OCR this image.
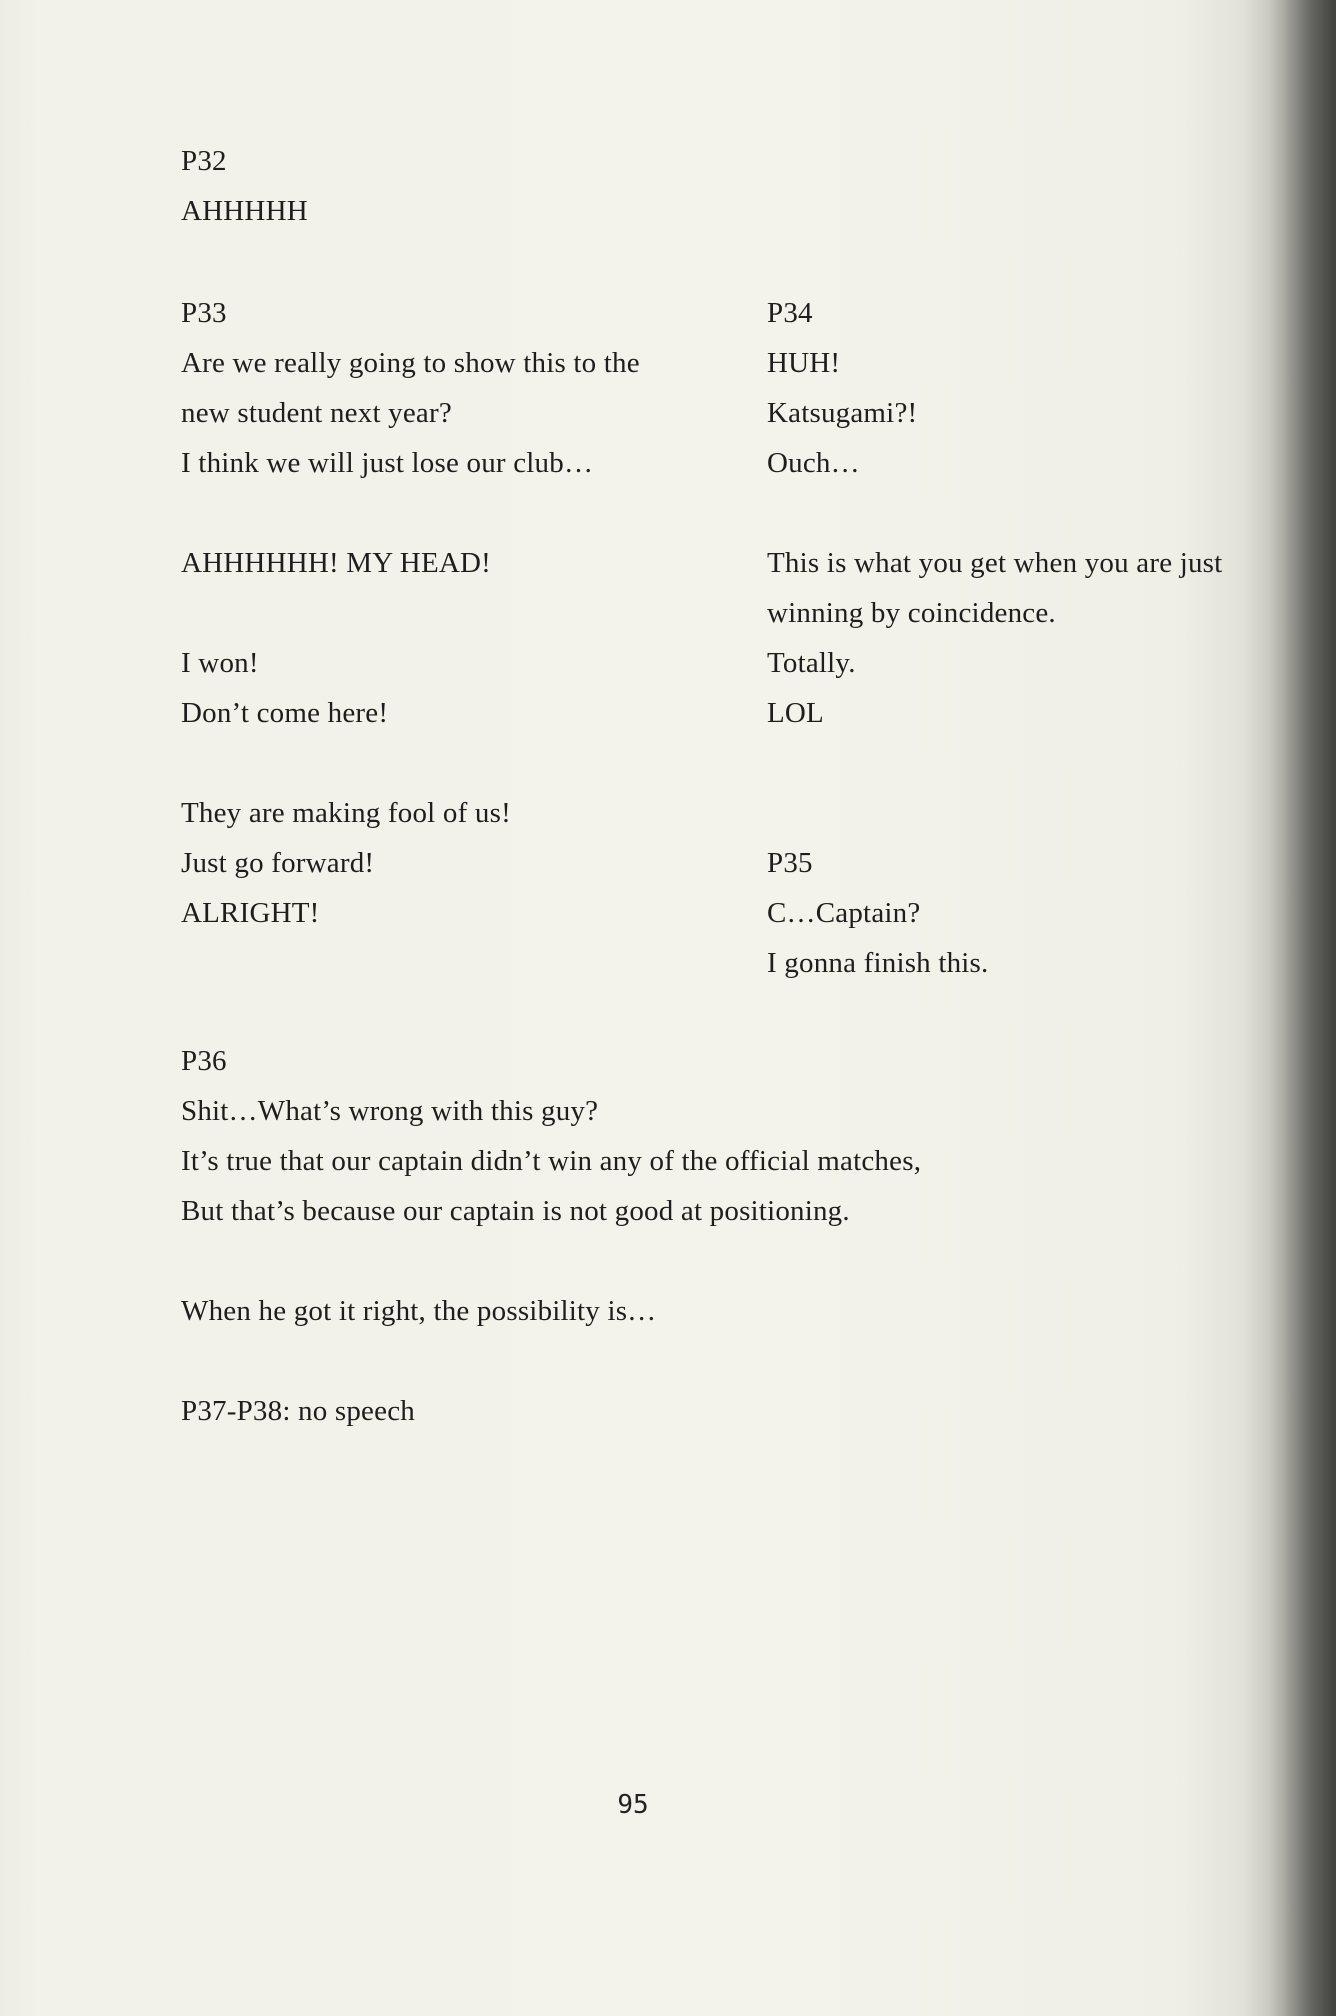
P32
AHHHHH
P33
Are we really going to show this to the
new student next year?
I think we will just lose our club…
AHHHHHH! MY HEAD!
I won!
Don’t come here!
They are making fool of us!
Just go forward!
ALRIGHT!
P34
HUH!
Katsugami?!
Ouch…
This is what you get when you are just
winning by coincidence.
Totally.
LOL
P35
C…Captain?
I gonna finish this.
P36
Shit…What’s wrong with this guy?
It’s true that our captain didn’t win any of the official matches,
But that’s because our captain is not good at positioning.
When he got it right, the possibility is…
P37-P38: no speech
95
